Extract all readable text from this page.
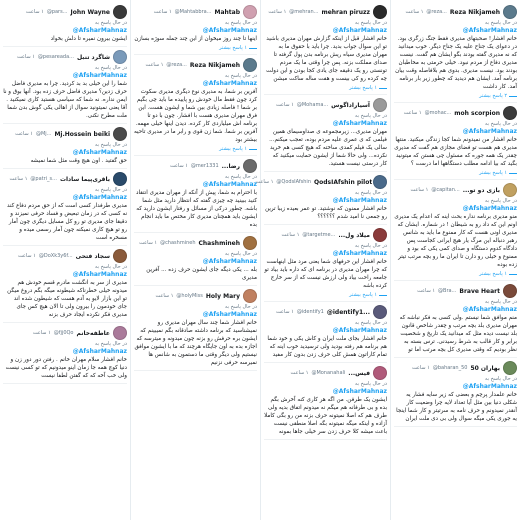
Reza Nikjameh
@reza...
۱ ساعت
در حال پاسخ به
@AfsharMahnaz
خانم افشار! صحبتهای مدیری فقط جنگ زرگری بود. در دعوای یک جناح علیه یک جناح دیگر. خوب میدانید که نه مدیری گفته بودند بگو ایشان هم گفت. نیست مدیری دفاع از مردم نبود. خیلی حرمتی به مخاطبان بودند بود. نیست مدیری. بدوی هم بلافاصله وقت بیان برنامه آمد. ایشان هم دیدید که چطور زیر بار برنامه آمد. کار داشت
۲ پاسخ بیشتر
moh scorpion
@mohac...
۱ ساعت
در حال پاسخ به
@AfsharMahnaz
خانم افشار من نمیدونم شما کجا زندگی میکنید. منتها مدیری هم هست تو فضای مجازی هم گفت که مدیری چقدر یک همه جوره که مسئول چی هستن که میتونید بگید که بیا ادامه مطلب دستگاهها اما درست ؟
۱ پاسخ بیشتر
بازی دو تو...
@capitan...
۱ ساعت
در حال پاسخ به
@AfsharMahnaz
منو مدیری برنامه نداره بحث اینه که اعدام یک مدیری اونم این که داد رو به شیطان ! در شماره. ایشان که مدیری اونی هست که کار ممنوع ما باید به شانس رهبر دنباله این مرگ یار هیچ ایرانی کجاست پس دادگاه کدوم دستگاه و صدای کمی یکی که بود و ممنوع و خیلی رو دارن تا ایران ما رو بچه مرتب تیتر زده بوده
۱ پاسخ بیشتر
Brave Heart
@Bra...
۱ ساعت
در حال پاسخ به
@AfsharMahnaz
منم موافق شما نیستم .ولی کسی به فکر نباشه که مهران مدیری بلد بچه مرتب و چقدر شاخص قانون بلد نیست دیده مثل که میدانید یک تاریخ و شخصیت برابر و کار قالب به شرط رسیدنی. ترس بسته به نظر بودیم که وقتی مدیری کل بچه مرتب اما تو
بهاران 50
@baharan_50
۱ ساعت
در حال پاسخ به
@AfsharMahnaz
خانم علمدار پرچم و بعضی که زیر سایه فشار یه شکلی دنیا بین مثل آیا تعداد لایه چرا وضعیت کار آنقدر نمیدونم و حرف نامه به سرتیتر و کار شما اینجا یه جوری یکی میگه سوال ولی بی دی ملت ایران
mehran piruzz
@mehran...
۱ ساعت
در حال پاسخ به
@AfsharMahnaz
خانم افشار قبل از اینکه گزارش مهران مدیری باشید تو این سوال جواب بدید. چرا باید با حقوق ما به مهران مدیری سیاه ریش برنامه بدن پول گرفته تا صدای مملکت بزنه. پس چرا وقتی ما یک مردم تونستی رو یک دقیقه جای یادی کجا بودن و این دولت چه کرده رو کی بیست و هفت ساله ساکت میشن
۱ پاسخ بیشتر
آسیاراداگوس
@Mohama...
۱ ساعت
در حال پاسخ به
@AfsharMahnaz
مهران مدیری... زیرمجموعه ی صداوسیمای همین فیلمی که ی عمری علیه مردم بوده، تعجب میکنم... سالی یک فیلم کمدی ساخته که هیچ کسی هم خرید نکرده... ولی حالا شما از ایشون حمایت میکنید که کار درستی نیست هستید.
QodsIAfshin pilot
@QodsIAfshin
۱ ساعت
در حال پاسخ به
@AfsharMahnaz
خانم افشار ممنون که نوشتید. تو عمر بعیده زیبا ترین رو جمعی نا امید شدم ؟؟؟؟؟؟
میلاد ول...
@targetme...
۱ ساعت
در حال پاسخ به
@AfsharMahnaz
خانم افشار این حرفهای شما یعنی مرد مثل اینهاست که چرا مهران مدیری در برنامه ای که داره باید بیاد تو جامعه راحت بیاد ولی ارزش نیست که از سر خارج کرده باشه
۱ پاسخ بیشتر
@identify1...
@identify1
۱ ساعت
در حال پاسخ به
@AfsharMahnaz
خانم افشار بجای ملت ایران و کاش یکی و خود شما هم برنامه هم رفته بودید ولی ترسیدید خوب اینه که تمام کاراتون همش کلی حرف زدن بدون کار مفید
فیس...
@Monanahali
۱ ساعت
در حال پاسخ به
@AfsharMahnaz
ایشون یک طرفن. من اگه هر کاری کنه آخرش بگم بده و بی طرفانه هم میگم نه میدونم اتفاق بدیه ولی طرف هم که اصلا نمیتونه حرف بزنه من رو بگی کاملا آزاده و اینکه میگه نمیتونه بگه اصلا منطقی نیست باعث میشه کلا حرف زدن سر خیلی جاها بمونه
Mahtab
@Mahtabbra...
۱ ساعت
در حال پاسخ به
@AfsharMahnaz
اینها تا چند روز میخوان از این چند جمله سوژه بسازن
۱ پاسخ بیشتر
Reza Nikjameh
@reza...
۱ ساعت
در حال پاسخ به
@AfsharMahnaz
آفرین بر شما، به مدیری نوع دیگری مدیری سکوت کرد چون فقط مال خودش رو پاییده ما باید چی بگیم بر شما ! فاصله زیادی بین شما و ایشون هست. این فرق مهران مدیری هست با افشار. چون با دو تا برنامه اش میلیاردی کار کرده. دیدن اینها خیلی مهمه. آفرین بر شما. شما زن قوی و رابر ما در مدیری تاحیه بیشتر بود
۱ پاسخ بیشتر
رضا...
@mer1331
۱ ساعت
در حال پاسخ به
@AfsharMahnaz
با احترام به شما، پیش از آنکه از مهران مدیری انتقاد کنید ببینید چه چیزی گفته که انتظار دارید مثل شما باشه. چطور درکی از مسائل و رفتار ایشون دارید که ایشون باید همچنان مدیری کار مختص ما باید انجام بده
Chashmineh
@chashmineh
۱ ساعت
در حال پاسخ به
@AfsharMahnaz
بله ... یکی دیگه جای ایشون حرف زده ... آفرین مدیری
Holy Mary
@holyMiss
۱ ساعت
در حال پاسخ به
@AfsharMahnaz
خانم افشار شما چند سال مهران مدیری رو نمیشناسید که برنامه داشته صادقانه بگم نمیبینم که ایشون بره حرفش رو بزنه چون میدونه و میترسه که اجازه بده به اون جایگاه هرچند که ما با ایشون موافق نیستیم ولی دیگر وقتی ما دستمون به شانس ها نمیرسه حرفی نزنیم
John Wayne
@pars...
۱ ساعت
در حال پاسخ به
@AfsharMahnaz
ایشون بیرون نمیره تا دلش بخواد
شاگرد تنبل
@pesareada...
۱ ساعت
در حال پاسخ به
@AfsharMahnaz
شما را این خیلی بد بد کردید. چرا به مدیری فاضل حرف زدین؟ مدیری فاضل حرف زده بود. آنها بوق و نا ایمن نداره. نه شما که سیاسی هستید کاری نمیکنید . آقا یعنی نمیتونید سوال از اهالی یکی گوش بدن شما ملت مطرح نکنی.
Mj.Hossein beiki
@Mj...
۱ ساعت
در حال پاسخ به
@AfsharMahnaz
حق گفتید . اون هیچ وقت مثل شما نمیشه
باقری‌پیما سادات
@patri_s...
۱ ساعت
در حال پاسخ به
@AfsharMahnaz
مدیری طرفدار کسی است که از حق مردم دفاع کند نه کسی که در زمان تبعیض و فساد حرفی نمیزند و دقیقا جای مدیری تو رو کل مسایل دیگری چون آمار رو تو هیچ کاری نمیکنه چون آمار رسمی میده و مسخره است
سجاد فتحی
@DoXk3y6f...
۱ ساعت
در حال پاسخ به
@AfsharMahnaz
مدیری از سر به انگشت مادرم قسم خودش هم میدونه خیلی خطرناکه شیطونه میگه بگم دروغ میگن تو این بازار لایو یه آدم هست که شیطون شده اند جای خودمون را بیرون ولی تا الان هیچ کس جای مدیری فکر نکرده ایجاد حرف بزنه
عاطفه‌خانم
@fjj0Qo
۱ ساعت
در حال پاسخ به
@AfsharMahnaz
خانم افشار سلام مهران خانم . رفتن دور دور زن و دنیا کوچ همه جا زمان اینو میدونیم که تو کسی نیست ولی خب آخه که که گفتن لطفا نیست
